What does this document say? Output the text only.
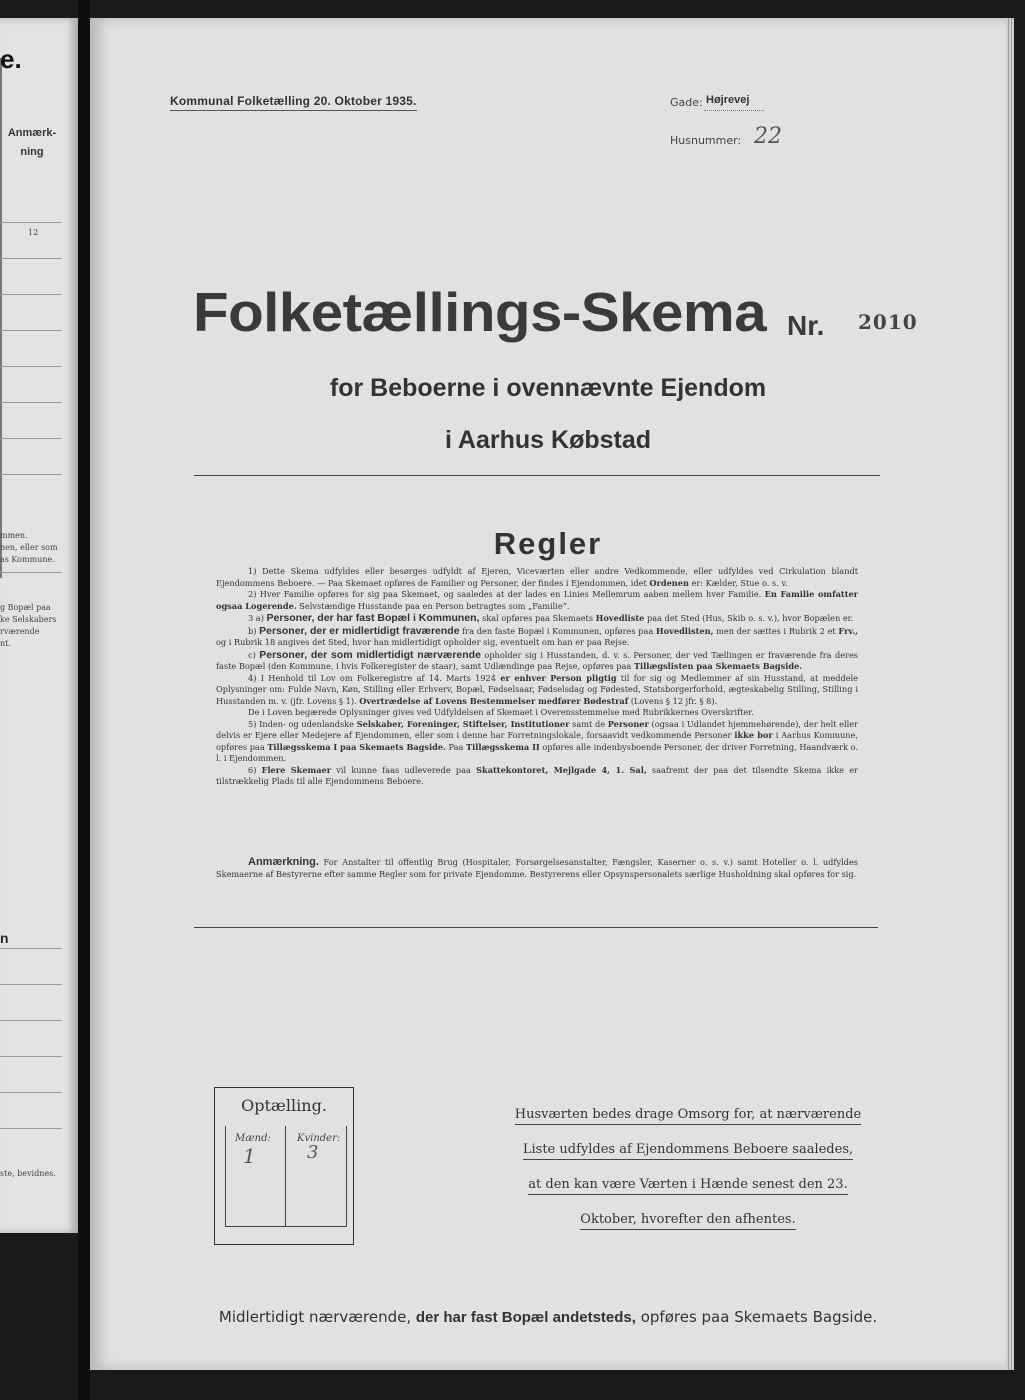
e.
Anmærk-
ning
12
mmen.
nen, eller som
as Kommune.
g Bopæl paa
ke Selskabers
rværende
nt.
n
ste, bevidnes.
Kommunal Folketælling 20. Oktober 1935.	Gade: Højrevej
Husnummer: 22
Folketællings-Skema Nr. 2010
for Beboerne i ovennævnte Ejendom
i Aarhus Købstad
Regler

1) Dette Skema udfyldes eller besørges udfyldt af Ejeren, Viceværten eller andre Vedkommende, eller udfyldes ved Cirkulation blandt Ejendommens Beboere. — Paa Skemaet opføres de Familier og Personer, der findes i Ejendommen, idet Ordenen er: Kælder, Stue o. s. v.

2) Hver Familie opføres for sig paa Skemaet, og saaledes at der lades en Linies Mellemrum aaben mellem hver Familie. En Familie omfatter ogsaa Logerende. Selvstændige Husstande paa en Person betragtes som „Familie“.

3 a) Personer, der har fast Bopæl i Kommunen, skal opføres paa Skemaets Hovedliste paa det Sted (Hus, Skib o. s. v.), hvor Bopælen er.

b) Personer, der er midlertidigt fraværende fra den faste Bopæl i Kommunen, opføres paa Hovedlisten, men der sættes i Rubrik 2 et Frv., og i Rubrik 18 angives det Sted, hvor han midlertidigt opholder sig, eventuelt om han er paa Rejse.

c) Personer, der som midlertidigt nærværende opholder sig i Husstanden, d. v. s. Personer, der ved Tællingen er fraværende fra deres faste Bopæl (den Kommune, i hvis Folkeregister de staar), samt Udlændinge paa Rejse, opføres paa Tillægslisten paa Skemaets Bagside.

4) I Henhold til Lov om Folkeregistre af 14. Marts 1924 er enhver Person pligtig til for sig og Medlemmer af sin Husstand, at meddele Oplysninger om: Fulde Navn, Køn, Stilling eller Erhverv, Bopæl, Fødselsaar, Fødselsdag og Fødested, Statsborgerforhold, ægteskabelig Stilling, Stilling i Husstanden m. v. (jfr. Lovens § 1). Overtrædelse af Lovens Bestemmelser medfører Bødestraf (Lovens § 12 jfr. § 8).

De i Loven begærede Oplysninger gives ved Udfyldelsen af Skemaet i Overensstemmelse med Rubrikkernes Overskrifter.

5) Inden- og udenlandske Selskaber, Foreninger, Stiftelser, Institutioner samt de Personer (ogsaa i Udlandet hjemmehørende), der helt eller delvis er Ejere eller Medejere af Ejendommen, eller som i denne har Forretningslokale, forsaavidt vedkommende Personer ikke bor i Aarhus Kommune, opføres paa Tillægsskema I paa Skemaets Bagside. Paa Tillægsskema II opføres alle indenbysboende Personer, der driver Forretning, Haandværk o. l. i Ejendommen.

6) Flere Skemaer vil kunne faas udleverede paa Skattekontoret, Mejlgade 4, 1. Sal, saafremt der paa det tilsendte Skema ikke er tilstrækkelig Plads til alle Ejendommens Beboere.

Anmærkning. For Anstalter til offentlig Brug (Hospitaler, Forsørgelsesanstalter, Fængsler, Kaserner o. s. v.) samt Hoteller o. l. udfyldes Skemaerne af Bestyrerne efter samme Regler som for private Ejendomme. Bestyrerens eller Opsynspersonalets særlige Husholdning skal opføres for sig.

Optælling.
Mænd:	Kvinder:
1	3
Husværten bedes drage Omsorg for, at nærværende
Liste udfyldes af Ejendommens Beboere saaledes,
at den kan være Værten i Hænde senest den 23.
Oktober, hvorefter den afhentes.
Midlertidigt nærværende, der har fast Bopæl andetsteds, opføres paa Skemaets Bagside.
